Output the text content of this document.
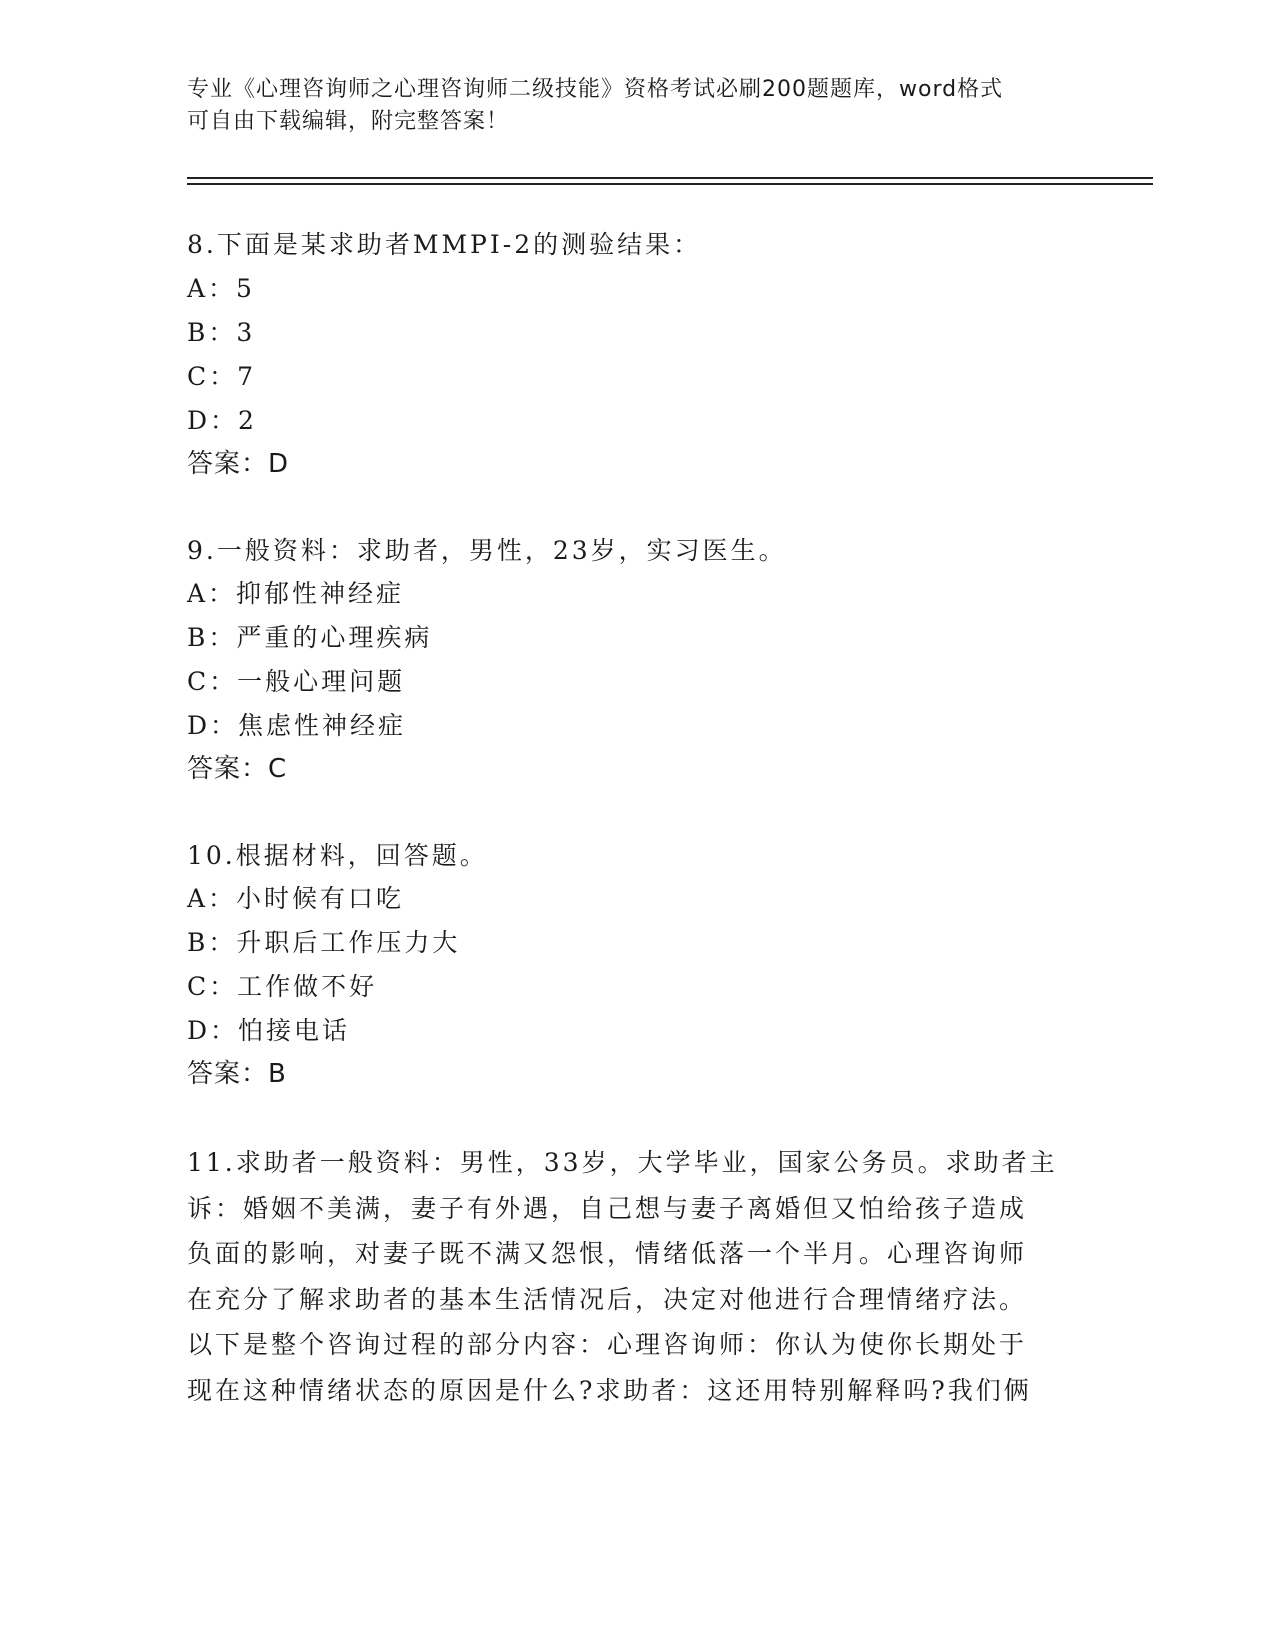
专业《心理咨询师之心理咨询师二级技能》资格考试必刷200题题库，word格式
可自由下载编辑，附完整答案！
8.下面是某求助者MMPI-2的测验结果：
A：5
B：3
C：7
D：2
答案：D
9.一般资料：求助者，男性，23岁，实习医生。
A：抑郁性神经症
B：严重的心理疾病
C：一般心理问题
D：焦虑性神经症
答案：C
10.根据材料，回答题。
A：小时候有口吃
B：升职后工作压力大
C：工作做不好
D：怕接电话
答案：B
11.求助者一般资料：男性，33岁，大学毕业，国家公务员。求助者主
诉：婚姻不美满，妻子有外遇，自己想与妻子离婚但又怕给孩子造成
负面的影响，对妻子既不满又怨恨，情绪低落一个半月。心理咨询师
在充分了解求助者的基本生活情况后，决定对他进行合理情绪疗法。
以下是整个咨询过程的部分内容：心理咨询师：你认为使你长期处于
现在这种情绪状态的原因是什么?求助者：这还用特别解释吗?我们俩
